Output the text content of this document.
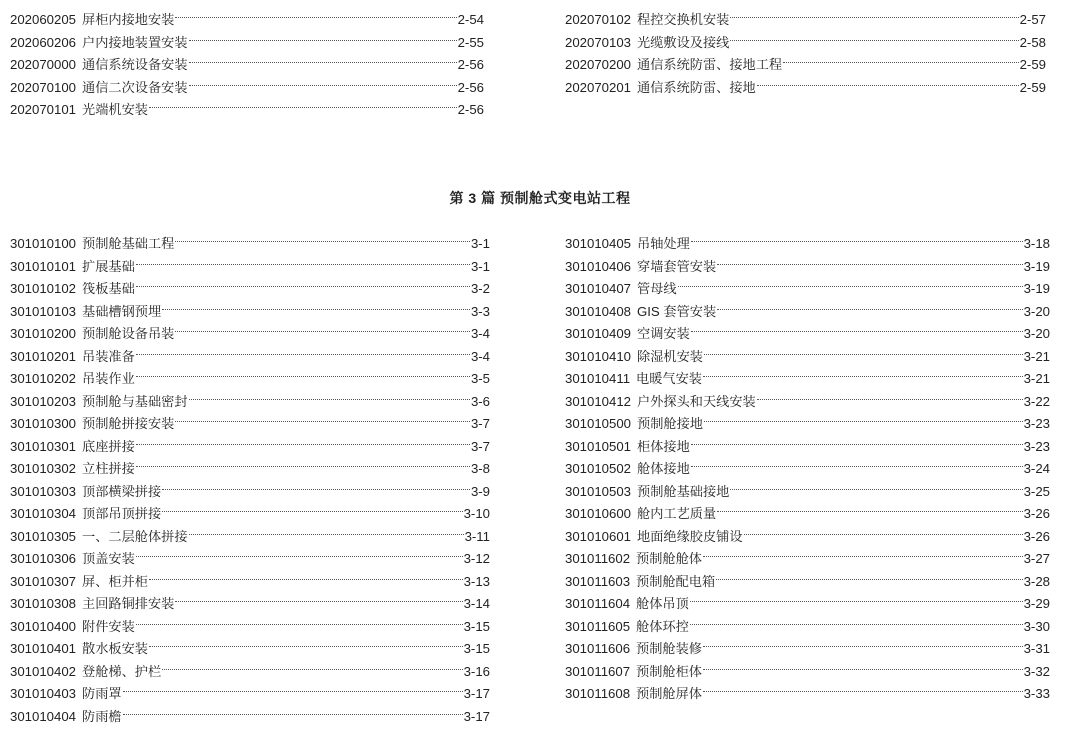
202060205 屏柜内接地安装	2-54
202060206 户内接地装置安装	2-55
202070000 通信系统设备安装	2-56
202070100 通信二次设备安装	2-56
202070101 光端机安装	2-56
202070102 程控交换机安装	2-57
202070103 光缆敷设及接线	2-58
202070200 通信系统防雷、接地工程	2-59
202070201 通信系统防雷、接地	2-59
第 3 篇 预制舱式变电站工程
301010100 预制舱基础工程	3-1
301010101 扩展基础	3-1
301010102 筏板基础	3-2
301010103 基础槽钢预埋	3-3
301010200 预制舱设备吊装	3-4
301010201 吊装准备	3-4
301010202 吊装作业	3-5
301010203 预制舱与基础密封	3-6
301010300 预制舱拼接安装	3-7
301010301 底座拼接	3-7
301010302 立柱拼接	3-8
301010303 顶部横梁拼接	3-9
301010304 顶部吊顶拼接	3-10
301010305 一、二层舱体拼接	3-11
301010306 顶盖安装	3-12
301010307 屏、柜并柜	3-13
301010308 主回路铜排安装	3-14
301010400 附件安装	3-15
301010401 散水板安装	3-15
301010402 登舱梯、护栏	3-16
301010403 防雨罩	3-17
301010404 防雨檐	3-17
301010405 吊轴处理	3-18
301010406 穿墙套管安装	3-19
301010407 管母线	3-19
301010408 GIS 套管安装	3-20
301010409 空调安装	3-20
301010410 除湿机安装	3-21
301010411 电暖气安装	3-21
301010412 户外探头和天线安装	3-22
301010500 预制舱接地	3-23
301010501 柜体接地	3-23
301010502 舱体接地	3-24
301010503 预制舱基础接地	3-25
301010600 舱内工艺质量	3-26
301010601 地面绝缘胶皮铺设	3-26
301011602 预制舱舱体	3-27
301011603 预制舱配电箱	3-28
301011604 舱体吊顶	3-29
301011605 舱体环控	3-30
301011606 预制舱装修	3-31
301011607 预制舱柜体	3-32
301011608 预制舱屏体	3-33
